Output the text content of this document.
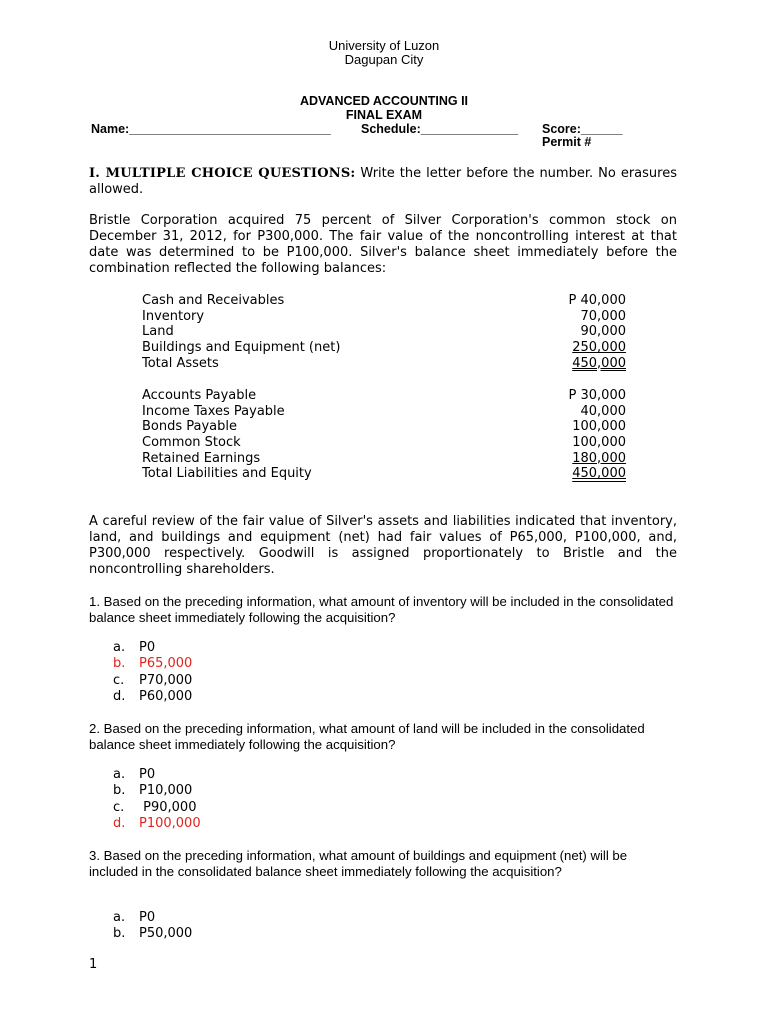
University of Luzon
Dagupan City
ADVANCED ACCOUNTING II
FINAL EXAM
Name:_____________________________ Schedule:______________ Score:______
Permit #
I. MULTIPLE CHOICE QUESTIONS: Write the letter before the number. No erasures allowed.
Bristle Corporation acquired 75 percent of Silver Corporation's common stock on December 31, 2012, for P300,000. The fair value of the noncontrolling interest at that date was determined to be P100,000. Silver's balance sheet immediately before the combination reflected the following balances:
Cash and Receivables	P 40,000
Inventory	70,000
Land	90,000
Buildings and Equipment (net)	250,000
Total Assets	450,000
Accounts Payable	P 30,000
Income Taxes Payable	40,000
Bonds Payable	100,000
Common Stock	100,000
Retained Earnings	180,000
Total Liabilities and Equity	450,000
A careful review of the fair value of Silver's assets and liabilities indicated that inventory, land, and buildings and equipment (net) had fair values of P65,000, P100,000, and, P300,000 respectively. Goodwill is assigned proportionately to Bristle and the noncontrolling shareholders.
1. Based on the preceding information, what amount of inventory will be included in the consolidated balance sheet immediately following the acquisition?
a.	P0
b.	P65,000
c.	P70,000
d.	P60,000
2. Based on the preceding information, what amount of land will be included in the consolidated balance sheet immediately following the acquisition?
a.	P0
b.	P10,000
c.	P90,000
d.	P100,000
3. Based on the preceding information, what amount of buildings and equipment (net) will be included in the consolidated balance sheet immediately following the acquisition?
a.	P0
b.	P50,000
1
